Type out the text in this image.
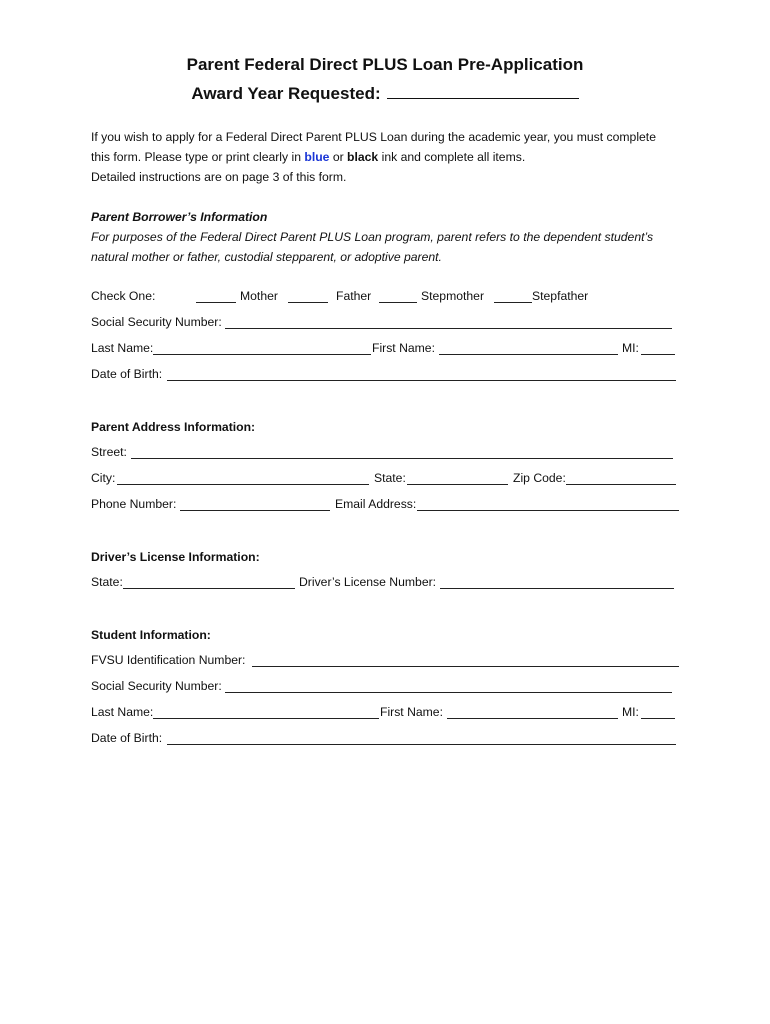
Parent Federal Direct PLUS Loan Pre-Application
Award Year Requested:
If you wish to apply for a Federal Direct Parent PLUS Loan during the academic year, you must complete
this form. Please type or print clearly in blue or black ink and complete all items.
Detailed instructions are on page 3 of this form.
Parent Borrower’s Information
For purposes of the Federal Direct Parent PLUS Loan program, parent refers to the dependent student’s
natural mother or father, custodial stepparent, or adoptive parent.
Check One:	Mother	Father	Stepmother	Stepfather
Social Security Number:
Last Name:	First Name:	MI:
Date of Birth:
Parent Address Information:
Street:
City:	State:	Zip Code:
Phone Number:	Email Address:
Driver’s License Information:
State:	Driver’s License Number:
Student Information:
FVSU Identification Number:
Social Security Number:
Last Name:	First Name:	MI:
Date of Birth:
